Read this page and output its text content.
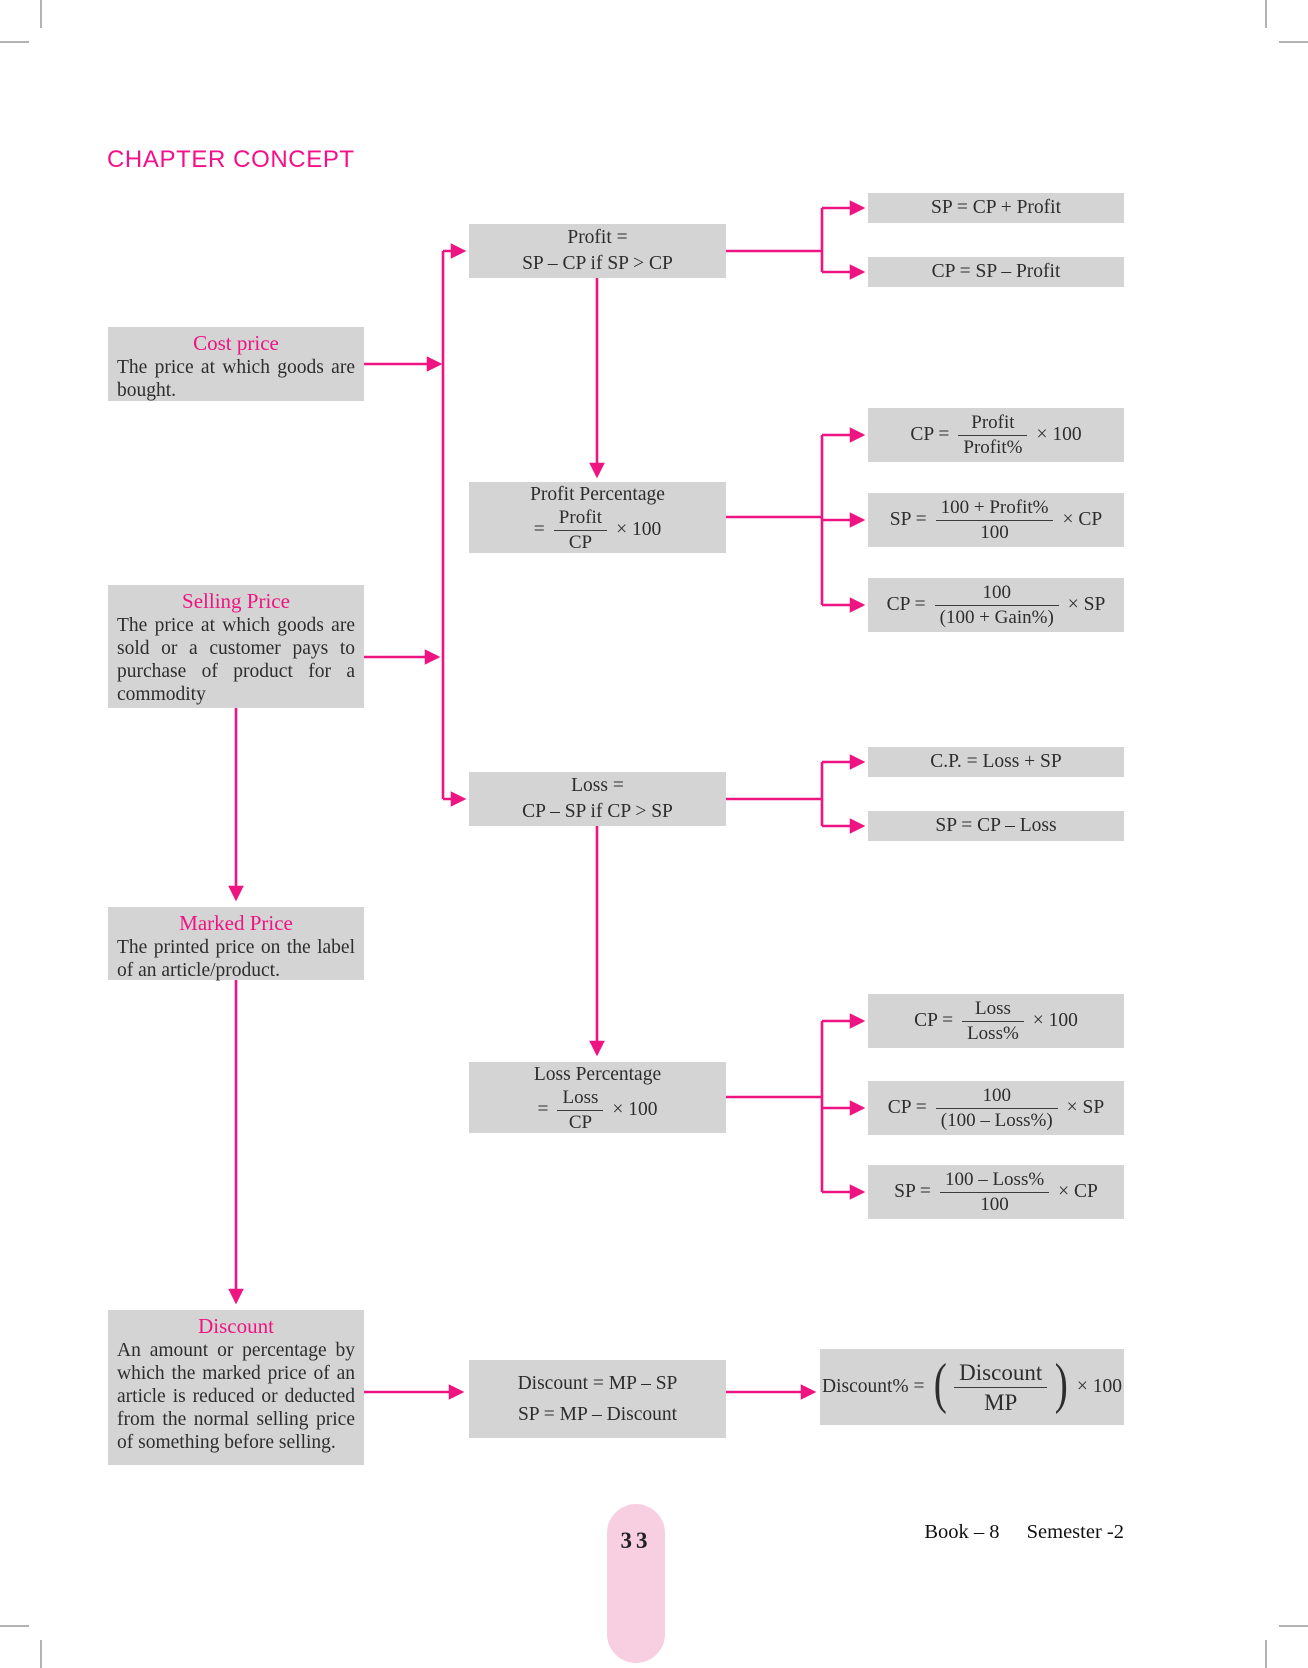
CHAPTER CONCEPT
Cost price
The price at which goods are bought.
Selling Price
The price at which goods are sold or a customer pays to purchase of product for a commodity
Marked Price
The printed price on the label of an article/product.
Discount
An amount or percentage by which the marked price of an article is reduced or deducted from the normal selling price of something before selling.
Profit =
SP – CP if SP > CP
Profit Percentage
= $\frac{\text{Profit}}{CP} \times 100$
Loss =
CP – SP if CP > SP
Loss Percentage
= $\frac{\text{Loss}}{CP} \times 100$
Discount = MP – SP
SP = MP – Discount
SP = CP + Profit
CP = SP – Profit
CP = $\frac{\text{Profit}}{\text{Profit\%}} \times 100$
SP = $\frac{\text{100 + Profit\%}}{100}$ × CP
CP = $\frac{100}{\text{(100 + Gain\%)}}$ × SP
C.P. = Loss + SP
SP = CP – Loss
CP = $\frac{\text{Loss}}{\text{Loss\%}} \times 100$
CP = $\frac{100}{\text{(100 – Loss\%)}}$ × SP
SP = $\frac{\text{100 – Loss\%}}{100}$ × CP
Discount% = ( $\frac{\text{Discount}}{MP}$ ) × 100
33	Book – 8 Semester -2
